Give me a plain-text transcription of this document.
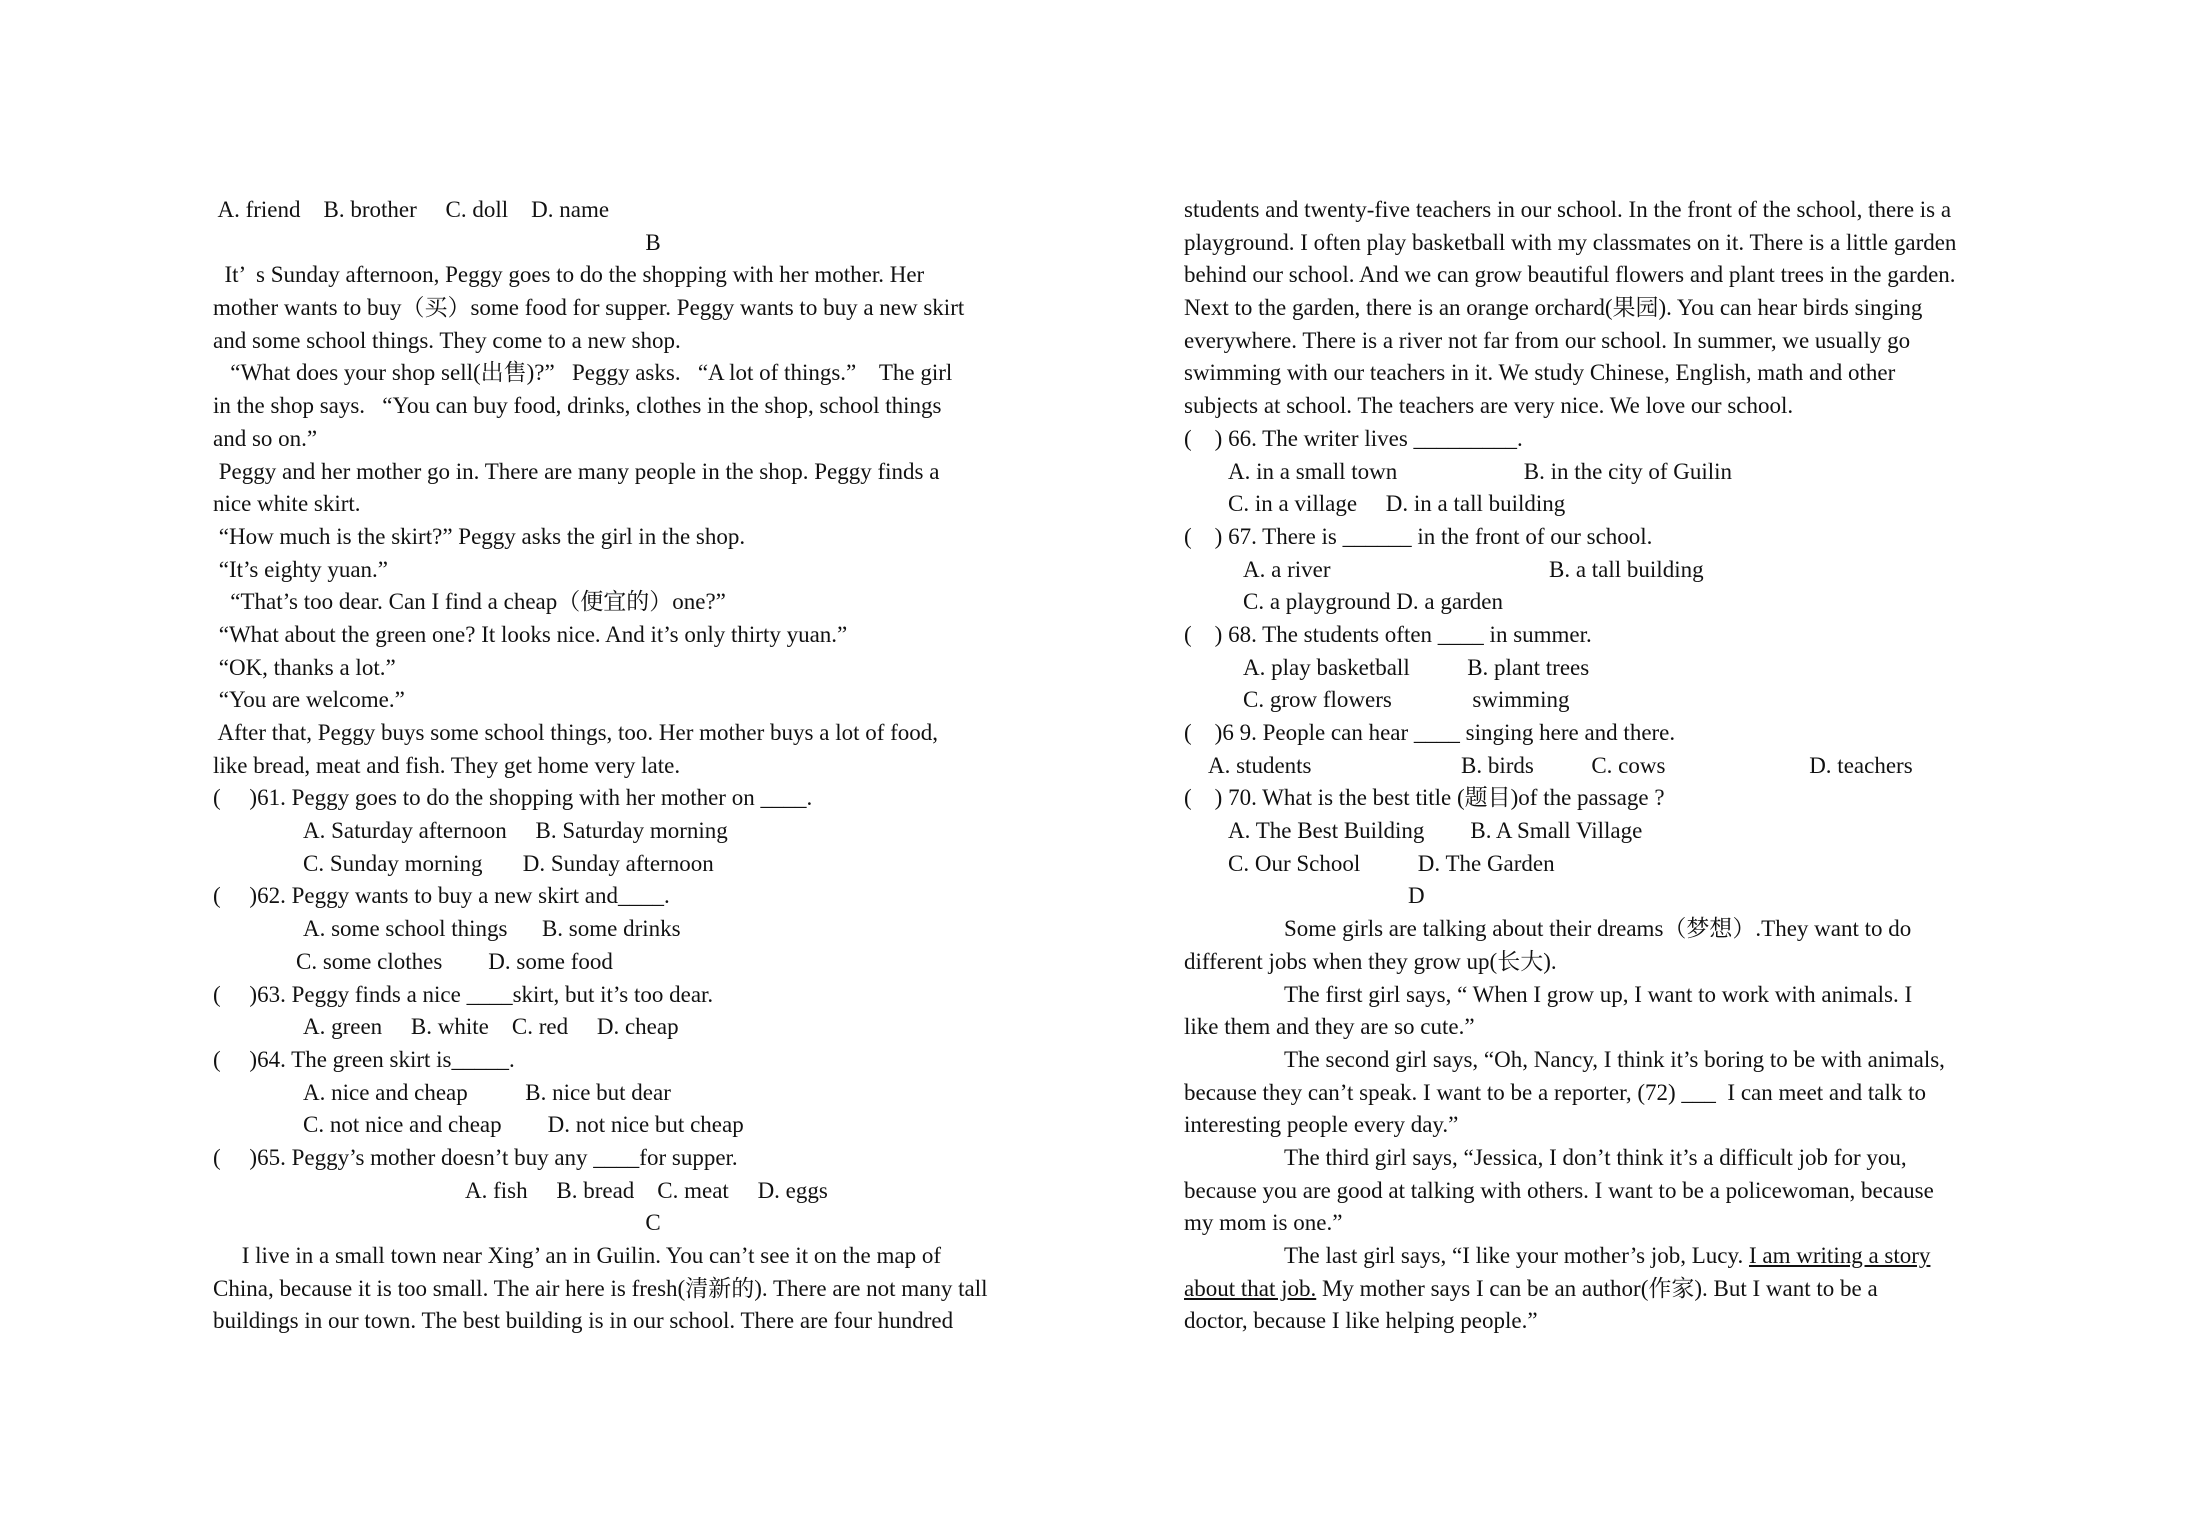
A. friend    B. brother     C. doll    D. name
B
It’  s Sunday afternoon, Peggy goes to do the shopping with her mother. Her
mother wants to buy（买）some food for supper. Peggy wants to buy a new skirt
and some school things. They come to a new shop.
“What does your shop sell(出售)?”   Peggy asks.   “A lot of things.”    The girl
in the shop says.   “You can buy food, drinks, clothes in the shop, school things
and so on.”
Peggy and her mother go in. There are many people in the shop. Peggy finds a
nice white skirt.
“How much is the skirt?” Peggy asks the girl in the shop.
“It’s eighty yuan.”
“That’s too dear. Can I find a cheap（便宜的）one?”
“What about the green one? It looks nice. And it’s only thirty yuan.”
“OK, thanks a lot.”
“You are welcome.”
After that, Peggy buys some school things, too. Her mother buys a lot of food,
like bread, meat and fish. They get home very late.
(     )61. Peggy goes to do the shopping with her mother on ____.
A. Saturday afternoon     B. Saturday morning
C. Sunday morning       D. Sunday afternoon
(     )62. Peggy wants to buy a new skirt and____.
A. some school things      B. some drinks
C. some clothes        D. some food
(     )63. Peggy finds a nice ____skirt, but it’s too dear.
A. green     B. white    C. red     D. cheap
(     )64. The green skirt is_____.
A. nice and cheap          B. nice but dear
C. not nice and cheap        D. not nice but cheap
(     )65. Peggy’s mother doesn’t buy any ____for supper.
A. fish     B. bread    C. meat     D. eggs
C
I live in a small town near Xing’ an in Guilin. You can’t see it on the map of
China, because it is too small. The air here is fresh(清新的). There are not many tall
buildings in our town. The best building is in our school. There are four hundred
students and twenty-five teachers in our school. In the front of the school, there is a
playground. I often play basketball with my classmates on it. There is a little garden
behind our school. And we can grow beautiful flowers and plant trees in the garden.
Next to the garden, there is an orange orchard(果园). You can hear birds singing
everywhere. There is a river not far from our school. In summer, we usually go
swimming with our teachers in it. We study Chinese, English, math and other
subjects at school. The teachers are very nice. We love our school.
(    ) 66. The writer lives _________.
A. in a small town                      B. in the city of Guilin
C. in a village     D. in a tall building
(    ) 67. There is ______ in the front of our school.
A. a river                                      B. a tall building
C. a playground D. a garden
(    ) 68. The students often ____ in summer.
A. play basketball          B. plant trees
C. grow flowers              swimming
(    )6 9. People can hear ____ singing here and there.
A. students                          B. birds          C. cows                         D. teachers
(    ) 70. What is the best title (题目)of the passage ?
A. The Best Building        B. A Small Village
C. Our School          D. The Garden
D
Some girls are talking about their dreams（梦想）.They want to do
different jobs when they grow up(长大).
The first girl says, “ When I grow up, I want to work with animals. I
like them and they are so cute.”
The second girl says, “Oh, Nancy, I think it’s boring to be with animals,
because they can’t speak. I want to be a reporter, (72) ___  I can meet and talk to
interesting people every day.”
The third girl says, “Jessica, I don’t think it’s a difficult job for you,
because you are good at talking with others. I want to be a policewoman, because
my mom is one.”
The last girl says, “I like your mother’s job, Lucy. I am writing a story
about that job. My mother says I can be an author(作家). But I want to be a
doctor, because I like helping people.”
